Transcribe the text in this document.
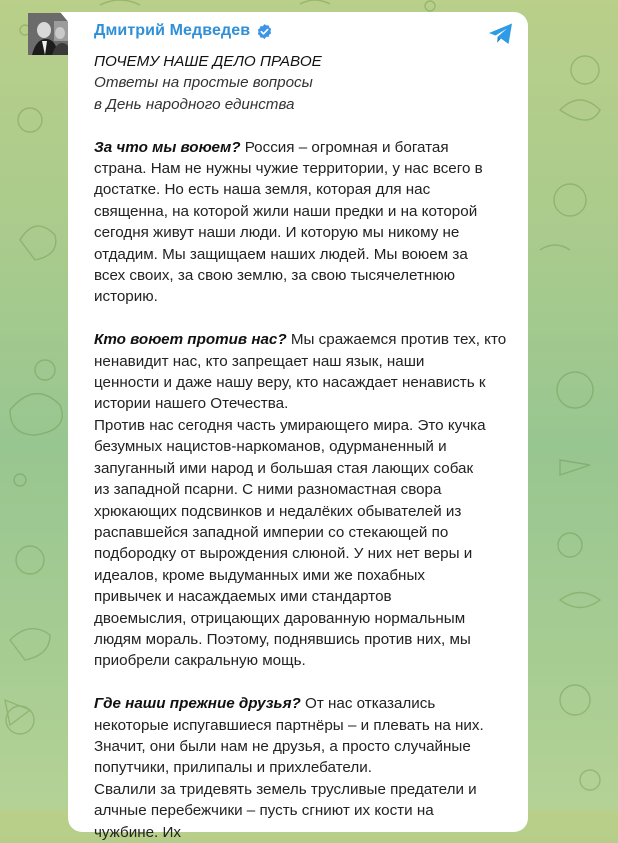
Дмитрий Медведев

ПОЧЕМУ НАШЕ ДЕЛО ПРАВОЕ

Ответы на простые вопросы

в День народного единства

За что мы воюем? Россия – огромная и богатая

страна. Нам не нужны чужие территории, у нас всего в

достатке. Но есть наша земля, которая для нас

священна, на которой жили наши предки и на которой

сегодня живут наши люди. И которую мы никому не

отдадим. Мы защищаем наших людей. Мы воюем за

всех своих, за свою землю, за свою тысячелетнюю

историю.

Кто воюет против нас? Мы сражаемся против тех, кто

ненавидит нас, кто запрещает наш язык, наши

ценности и даже нашу веру, кто насаждает ненависть к

истории нашего Отечества.

Против нас сегодня часть умирающего мира. Это кучка

безумных нацистов-наркоманов, одурманенный и

запуганный ими народ и большая стая лающих собак

из западной псарни. С ними разномастная свора

хрюкающих подсвинков и недалёких обывателей из

распавшейся западной империи со стекающей по

подбородку от вырождения слюной. У них нет веры и

идеалов, кроме выдуманных ими же похабных

привычек и насаждаемых ими стандартов

двоемыслия, отрицающих дарованную нормальным

людям мораль. Поэтому, поднявшись против них, мы

приобрели сакральную мощь.

Где наши прежние друзья? От нас отказались

некоторые испугавшиеся партнёры – и плевать на них.

Значит, они были нам не друзья, а просто случайные

попутчики, прилипалы и прихлебатели.

Свалили за тридевять земель трусливые предатели и

алчные перебежчики – пусть сгниют их кости на

чужбине. Их
